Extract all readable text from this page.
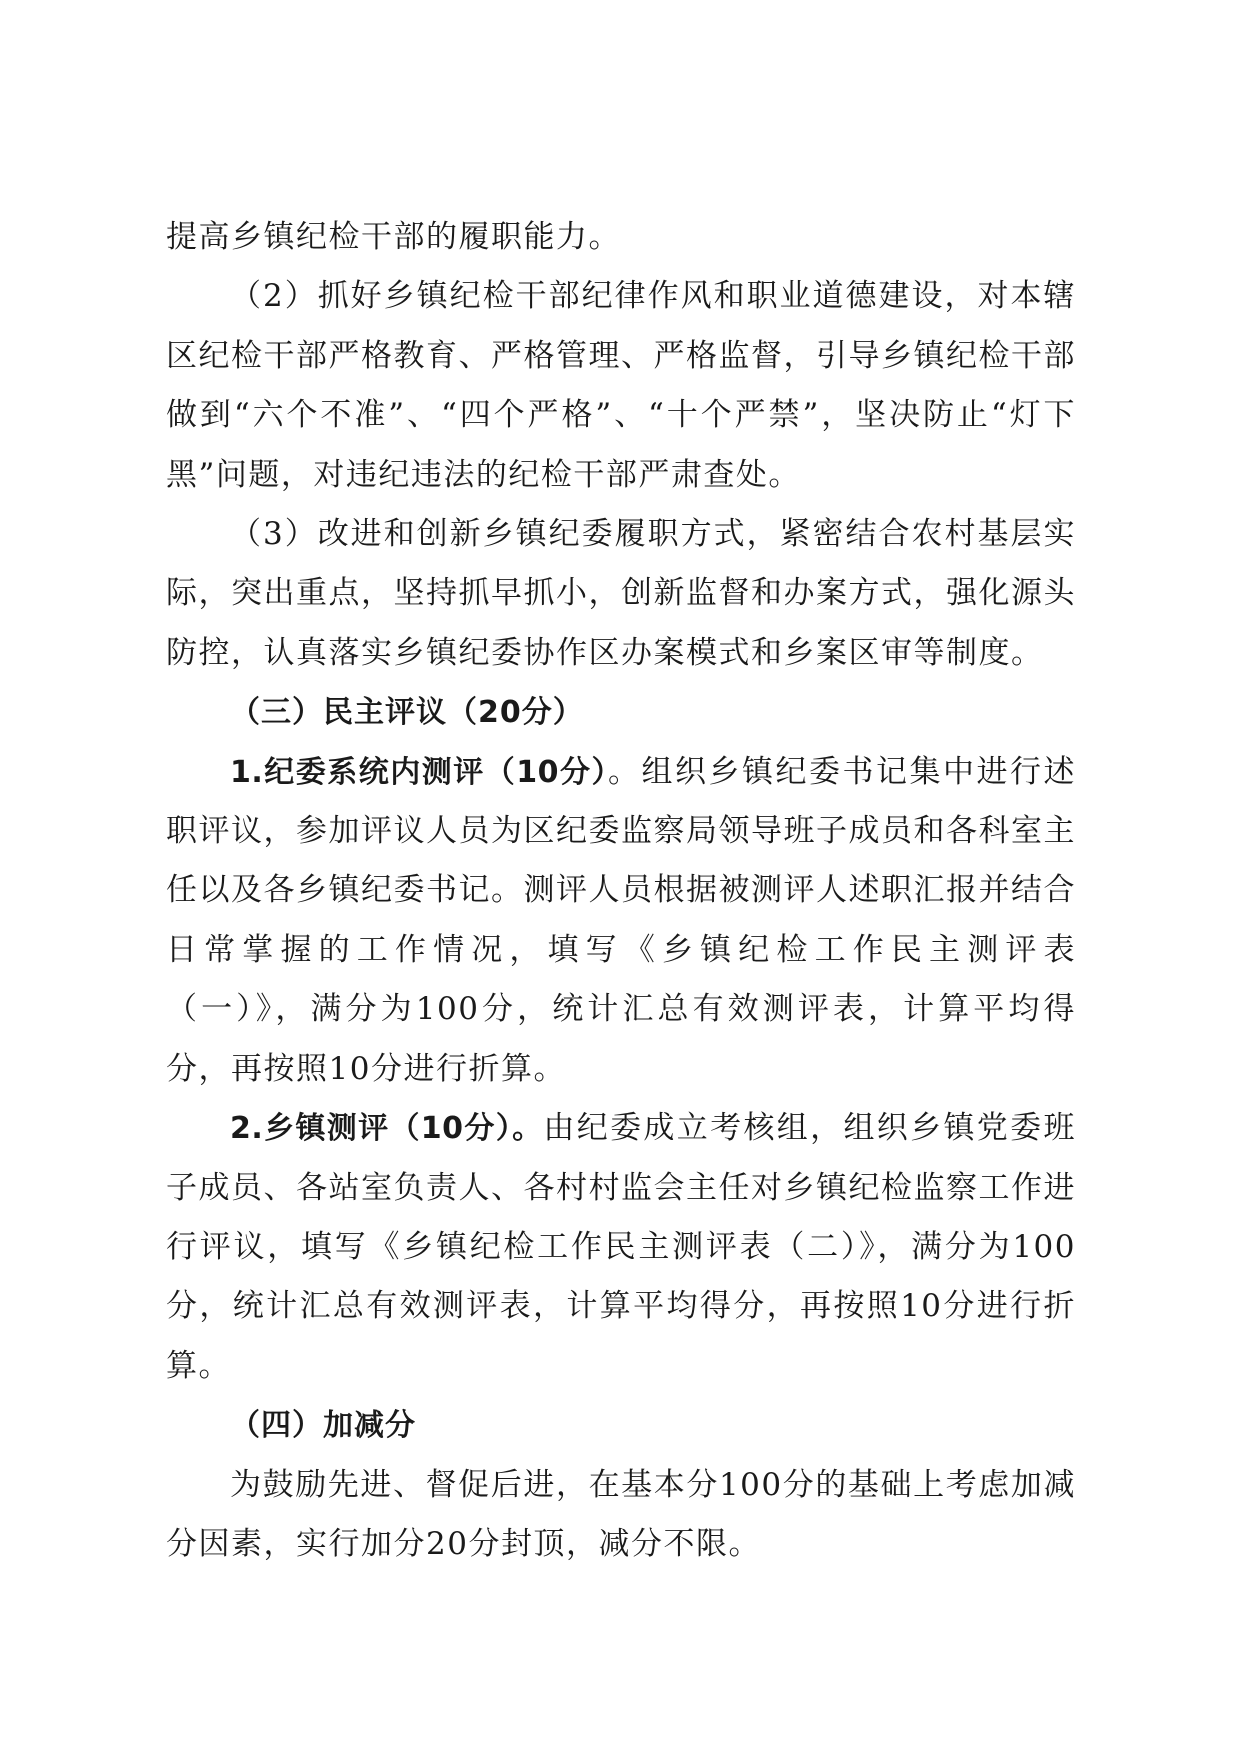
提高乡镇纪检干部的履职能力。

（2）抓好乡镇纪检干部纪律作风和职业道德建设，对本辖区纪检干部严格教育、严格管理、严格监督，引导乡镇纪检干部做到“六个不准”、“四个严格”、“十个严禁”，坚决防止“灯下黑”问题，对违纪违法的纪检干部严肃查处。

（3）改进和创新乡镇纪委履职方式，紧密结合农村基层实际，突出重点，坚持抓早抓小，创新监督和办案方式，强化源头防控，认真落实乡镇纪委协作区办案模式和乡案区审等制度。

（三）民主评议（20分）

1.纪委系统内测评（10分）。组织乡镇纪委书记集中进行述职评议，参加评议人员为区纪委监察局领导班子成员和各科室主任以及各乡镇纪委书记。测评人员根据被测评人述职汇报并结合日常掌握的工作情况，填写《乡镇纪检工作民主测评表（一）》，满分为100分，统计汇总有效测评表，计算平均得分，再按照10分进行折算。

2.乡镇测评（10分）。由纪委成立考核组，组织乡镇党委班子成员、各站室负责人、各村村监会主任对乡镇纪检监察工作进行评议，填写《乡镇纪检工作民主测评表（二）》，满分为100分，统计汇总有效测评表，计算平均得分，再按照10分进行折算。

（四）加减分

为鼓励先进、督促后进，在基本分100分的基础上考虑加减分因素，实行加分20分封顶，减分不限。
